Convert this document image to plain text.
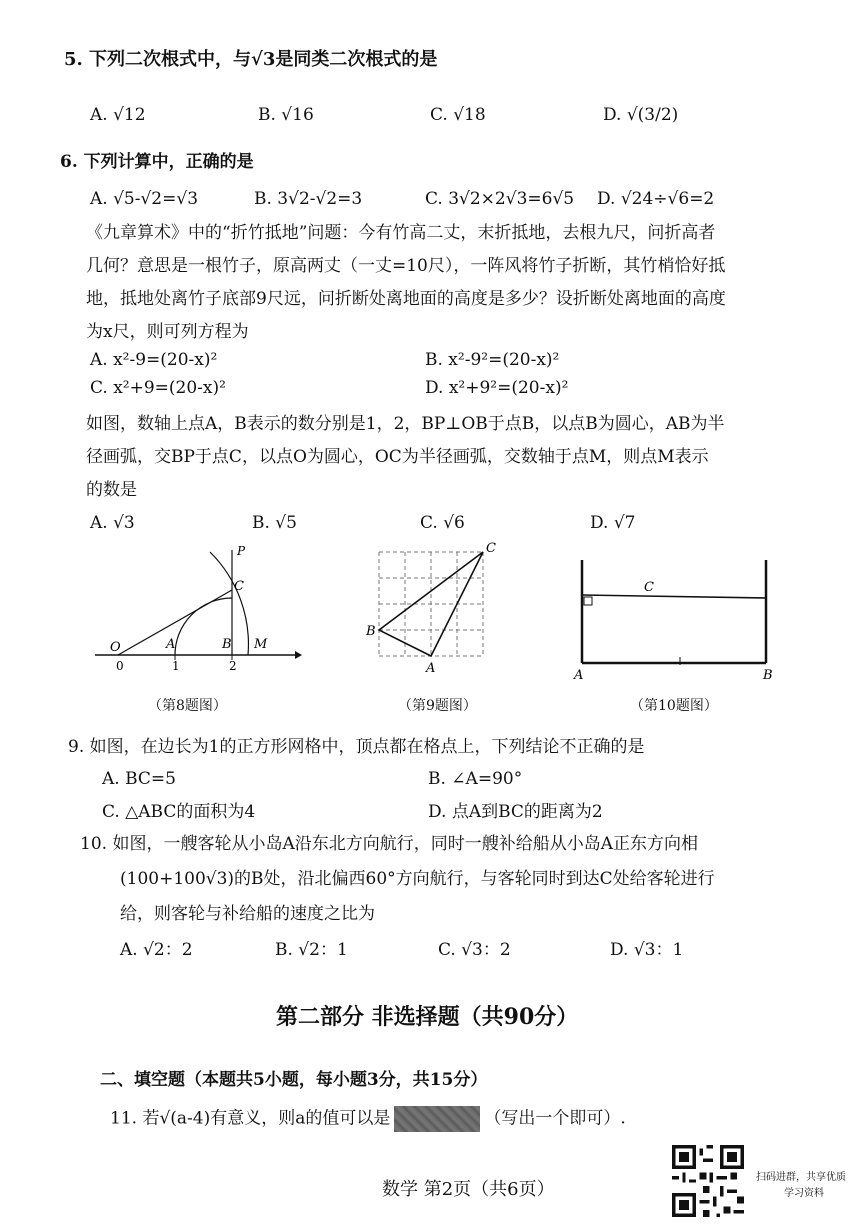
5. 下列二次根式中，与√3是同类二次根式的是
A. √12	B. √16	C. √18	D. √(3/2)
6. 下列计算中，正确的是
A. √5-√2=√3	B. 3√2-√2=3	C. 3√2×2√3=6√5 D. √24÷√6=2
《九章算术》中的“折竹抵地”问题：今有竹高二丈，末折抵地，去根九尺，问折高者
几何？意思是一根竹子，原高两丈（一丈=10尺），一阵风将竹子折断，其竹梢恰好抵
地，抵地处离竹子底部9尺远，问折断处离地面的高度是多少？设折断处离地面的高度
为x尺，则可列方程为
A. x²-9=(20-x)²	B. x²-9²=(20-x)²
C. x²+9=(20-x)²	D. x²+9²=(20-x)²
如图，数轴上点A，B表示的数分别是1，2，BP⊥OB于点B，以点B为圆心，AB为半
径画弧，交BP于点C，以点O为圆心，OC为半径画弧，交数轴于点M，则点M表示
的数是
A. √3	B. √5	C. √6	D. √7
P
C
O	A	B M
0	1	2
（第8题图）
C
B
A
（第9题图）
C
A	B
（第10题图）
9. 如图，在边长为1的正方形网格中，顶点都在格点上，下列结论不正确的是
A. BC=5	B. ∠A=90°
C. △ABC的面积为4	D. 点A到BC的距离为2
10. 如图，一艘客轮从小岛A沿东北方向航行，同时一艘补给船从小岛A正东方向相
(100+100√3)的B处，沿北偏西60°方向航行，与客轮同时到达C处给客轮进行
给，则客轮与补给船的速度之比为
A. √2：2	B. √2：1	C. √3：2	D. √3：1
第二部分 非选择题（共90分）
二、填空题（本题共5小题，每小题3分，共15分）
11. 若√(a-4)有意义，则a的值可以是	（写出一个即可）.
数学 第2页（共6页）
扫码进群，共享优质
学习资料
